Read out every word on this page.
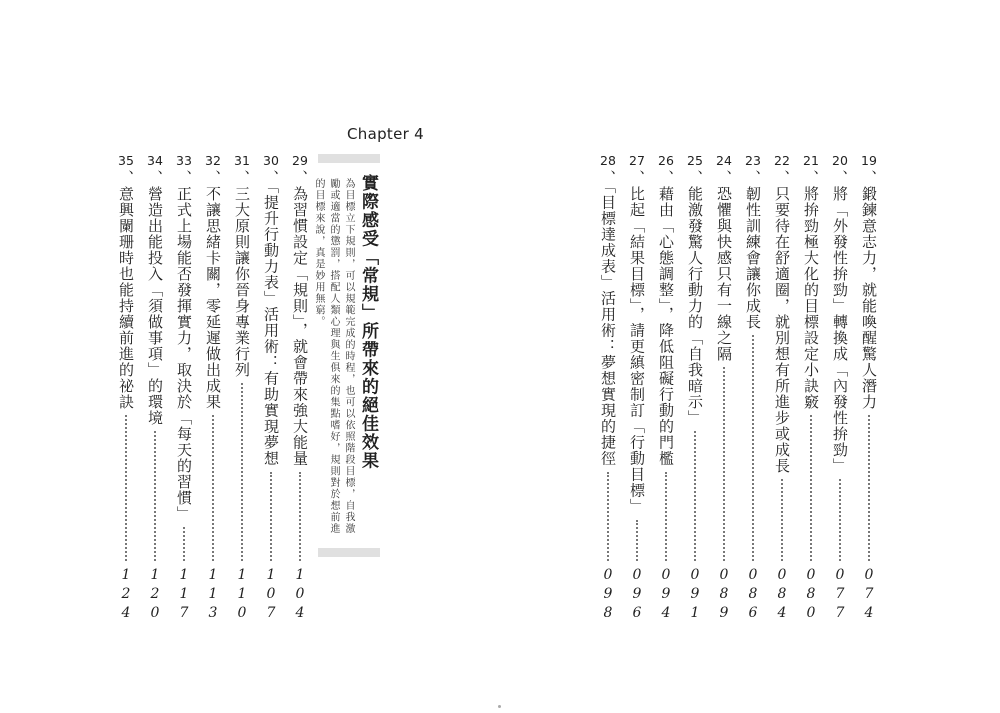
Chapter 4
實際感受「常規」所帶來的絕佳效果
為目標立下規則，可以規範完成的時程，也可以依照階段目標，自我激勵或適當的懲罰，搭配人類心理與生俱來的集點嗜好，規則對於想前進的目標來說，真是妙用無窮。
29
、為習慣設定「規則」，就會帶來強大能量
104
30
、「提升行動力表」活用術：有助實現夢想
107
31
、三大原則讓你晉身專業行列
110
32
、不讓思緒卡關，零延遲做出成果
113
33
、正式上場能否發揮實力，取決於「每天的習慣」
117
34
、營造出能投入「須做事項」的環境
120
35
、意興闌珊時也能持續前進的祕訣
124
19
、鍛鍊意志力，就能喚醒驚人潛力
074
20
、將「外發性拚勁」轉換成「內發性拚勁」
077
21
、將拚勁極大化的目標設定小訣竅
080
22
、只要待在舒適圈，就別想有所進步或成長
084
23
、韌性訓練會讓你成長
086
24
、恐懼與快感只有一線之隔
089
25
、能激發驚人行動力的「自我暗示」
091
26
、藉由「心態調整」，降低阻礙行動的門檻
094
27
、比起「結果目標」，請更縝密制訂「行動目標」
096
28
、「目標達成表」活用術：夢想實現的捷徑
098
